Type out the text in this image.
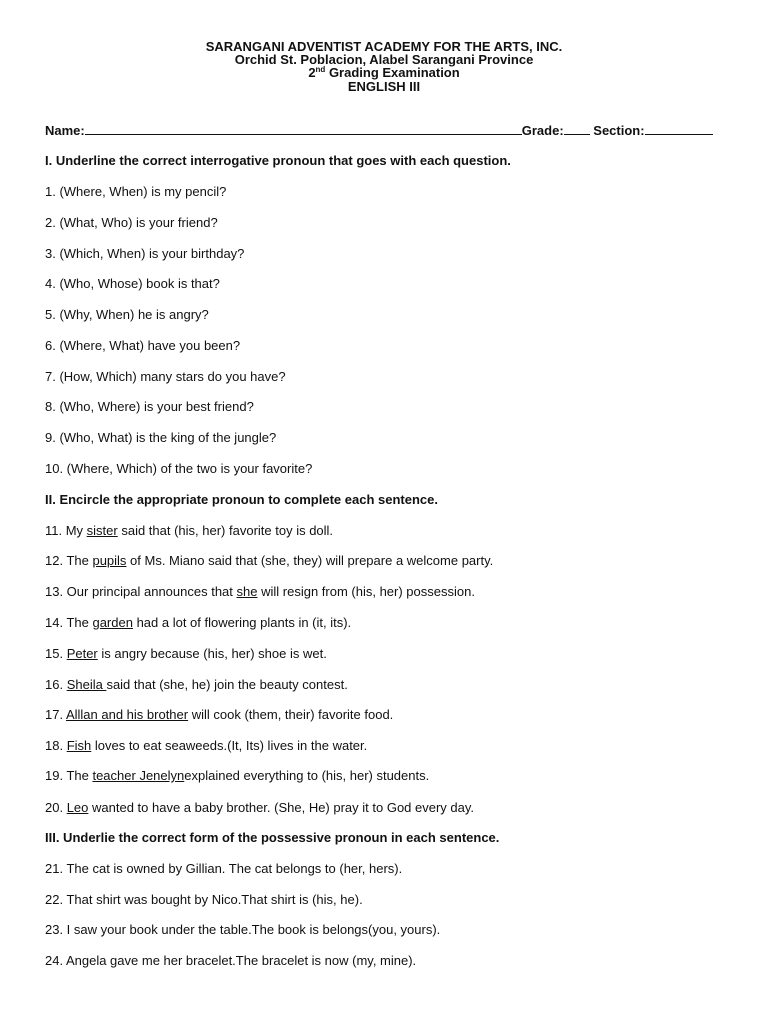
SARANGANI ADVENTIST ACADEMY FOR THE ARTS, INC.
Orchid St. Poblacion, Alabel Sarangani Province
2nd Grading Examination
ENGLISH III
Name:	Grade: Section:
I. Underline the correct interrogative pronoun that goes with each question.
1. (Where, When) is my pencil?
2. (What, Who) is your friend?
3. (Which, When) is your birthday?
4. (Who, Whose) book is that?
5. (Why, When) he is angry?
6. (Where, What) have you been?
7. (How, Which) many stars do you have?
8. (Who, Where) is your best friend?
9. (Who, What) is the king of the jungle?
10. (Where, Which) of the two is your favorite?
II. Encircle the appropriate pronoun to complete each sentence.
11. My sister said that (his, her) favorite toy is doll.
12. The pupils of Ms. Miano said that (she, they) will prepare a welcome party.
13. Our principal announces that she will resign from (his, her) possession.
14. The garden had a lot of flowering plants in (it, its).
15. Peter is angry because (his, her) shoe is wet.
16. Sheila said that (she, he) join the beauty contest.
17. Alllan and his brother will cook (them, their) favorite food.
18. Fish loves to eat seaweeds.(It, Its) lives in the water.
19. The teacher Jenelynexplained everything to (his, her) students.
20. Leo wanted to have a baby brother. (She, He) pray it to God every day.
III. Underlie the correct form of the possessive pronoun in each sentence.
21. The cat is owned by Gillian. The cat belongs to (her, hers).
22. That shirt was bought by Nico.That shirt is (his, he).
23. I saw your book under the table.The book is belongs(you, yours).
24. Angela gave me her bracelet.The bracelet is now (my, mine).
